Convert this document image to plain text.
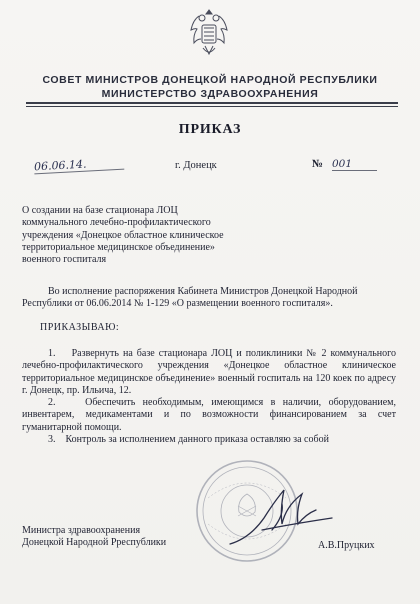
СОВЕТ МИНИСТРОВ ДОНЕЦКОЙ НАРОДНОЙ РЕСПУБЛИКИ
МИНИСТЕРСТВО ЗДРАВООХРАНЕНИЯ
ПРИКАЗ
06.06.14.	г. Донецк	№ 001
О создании на базе стационара ЛОЦ
коммунального лечебно-профилактического
учреждения «Донецкое областное клиническое
территориальное медицинское объединение»
военного госпиталя
Во исполнение распоряжения Кабинета Министров Донецкой Народной
Республики от 06.06.2014 № 1-129 «О размещении военного госпиталя».
ПРИКАЗЫВАЮ:
1.    Развернуть на базе стационара ЛОЦ и поликлиники № 2 коммунального лечебно-профилактического учреждения «Донецкое областное клиническое территориальное медицинское объединение» военный госпиталь на 120 коек по адресу г. Донецк, пр. Ильича, 12.
2.    Обеспечить необходимым, имеющимся в наличии, оборудованием, инвентарем, медикаментами и по возможности финансированием за счет гуманитарной помощи.
3.    Контроль за исполнением данного приказа оставляю за собой
Министра здравоохранения
Донецкой Народной Рреспублики	А.В.Пруцких
